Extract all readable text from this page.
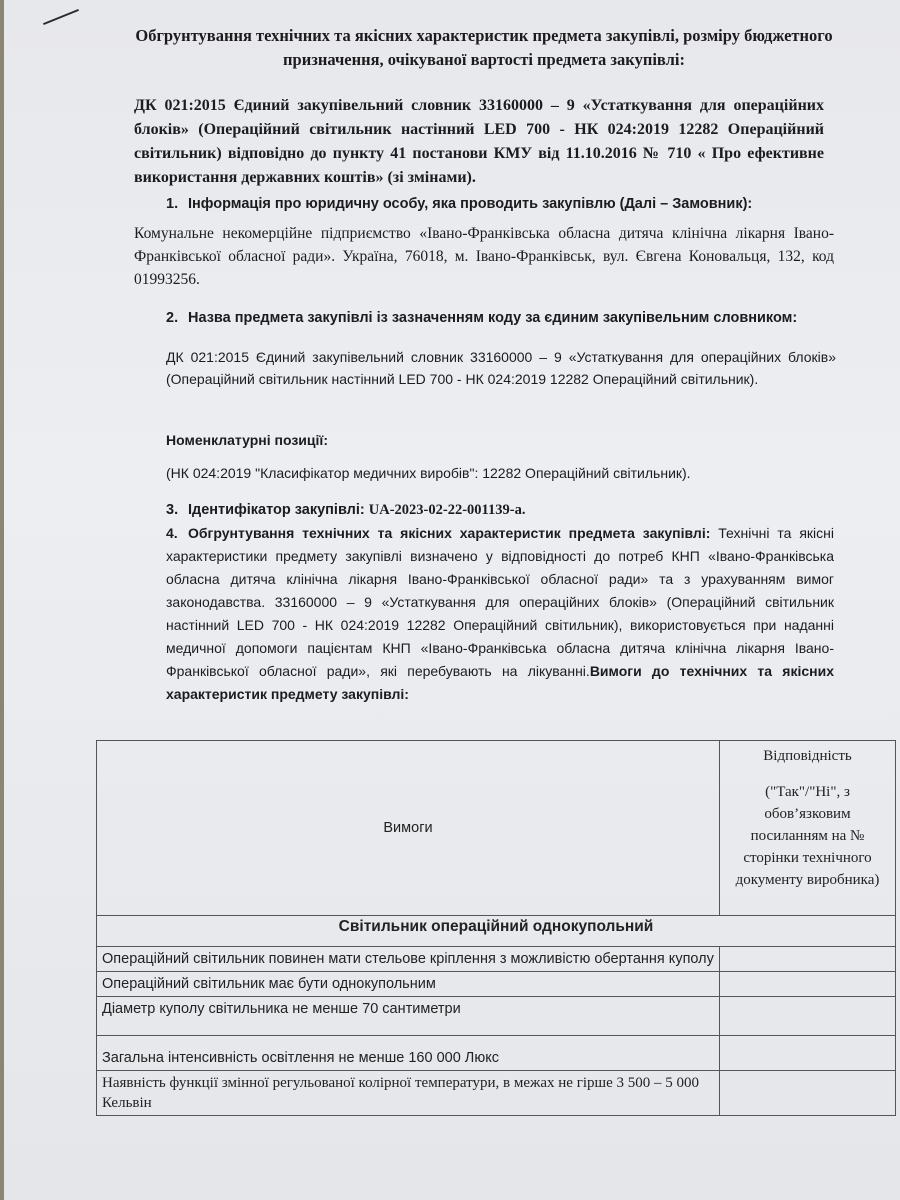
Обгрунтування технічних та якісних характеристик предмета закупівлі, розміру бюджетного призначення, очікуваної вартості предмета закупівлі:
ДК 021:2015 Єдиний закупівельний словник 33160000 – 9 «Устаткування для операційних блоків» (Операційний світильник настінний LED 700 - НК 024:2019 12282 Операційний світильник) відповідно до пункту 41 постанови КМУ від 11.10.2016 № 710 « Про ефективне використання державних коштів» (зі змінами).
1. Інформація про юридичну особу, яка проводить закупівлю (Далі – Замовник):
Комунальне некомерційне підприємство «Івано-Франківська обласна дитяча клінічна лікарня Івано-Франківської обласної ради». Україна, 76018, м. Івано-Франківськ, вул. Євгена Коновальця, 132, код 01993256.
2. Назва предмета закупівлі із зазначенням коду за єдиним закупівельним словником:
ДК 021:2015 Єдиний закупівельний словник 33160000 – 9 «Устаткування для операційних блоків» (Операційний світильник настінний LED 700 - НК 024:2019 12282 Операційний світильник).
Номенклатурні позиції:
(НК 024:2019 "Класифікатор медичних виробів": 12282 Операційний світильник).
3. Ідентифікатор закупівлі: UA-2023-02-22-001139-a.
4. Обгрунтування технічних та якісних характеристик предмета закупівлі: Технічні та якісні характеристики предмету закупівлі визначено у відповідності до потреб КНП «Івано-Франківська обласна дитяча клінічна лікарня Івано-Франківської обласної ради» та з урахуванням вимог законодавства. 33160000 – 9 «Устаткування для операційних блоків» (Операційний світильник настінний LED 700 - НК 024:2019 12282 Операційний світильник), використовується при наданні медичної допомоги пацієнтам КНП «Івано-Франківська обласна дитяча клінічна лікарня Івано-Франківської обласної ради», які перебувають на лікуванні.Вимоги до технічних та якісних характеристик предмету закупівлі:
Вимоги	Відповідність
("Так"/"Ні", з обов’язковим посиланням на № сторінки технічного документу виробника)

Світильник операційний однокупольний	
Операційний світильник повинен мати стельове кріплення з можливістю обертання куполу	
Операційний світильник має бути однокупольним	
Діаметр куполу світильника не менше 70 сантиметри	
Загальна інтенсивність освітлення не менше 160 000 Люкс	
Наявність функції змінної регульованої колірної температури, в межах не гірше 3 500 – 5 000 Кельвін	
